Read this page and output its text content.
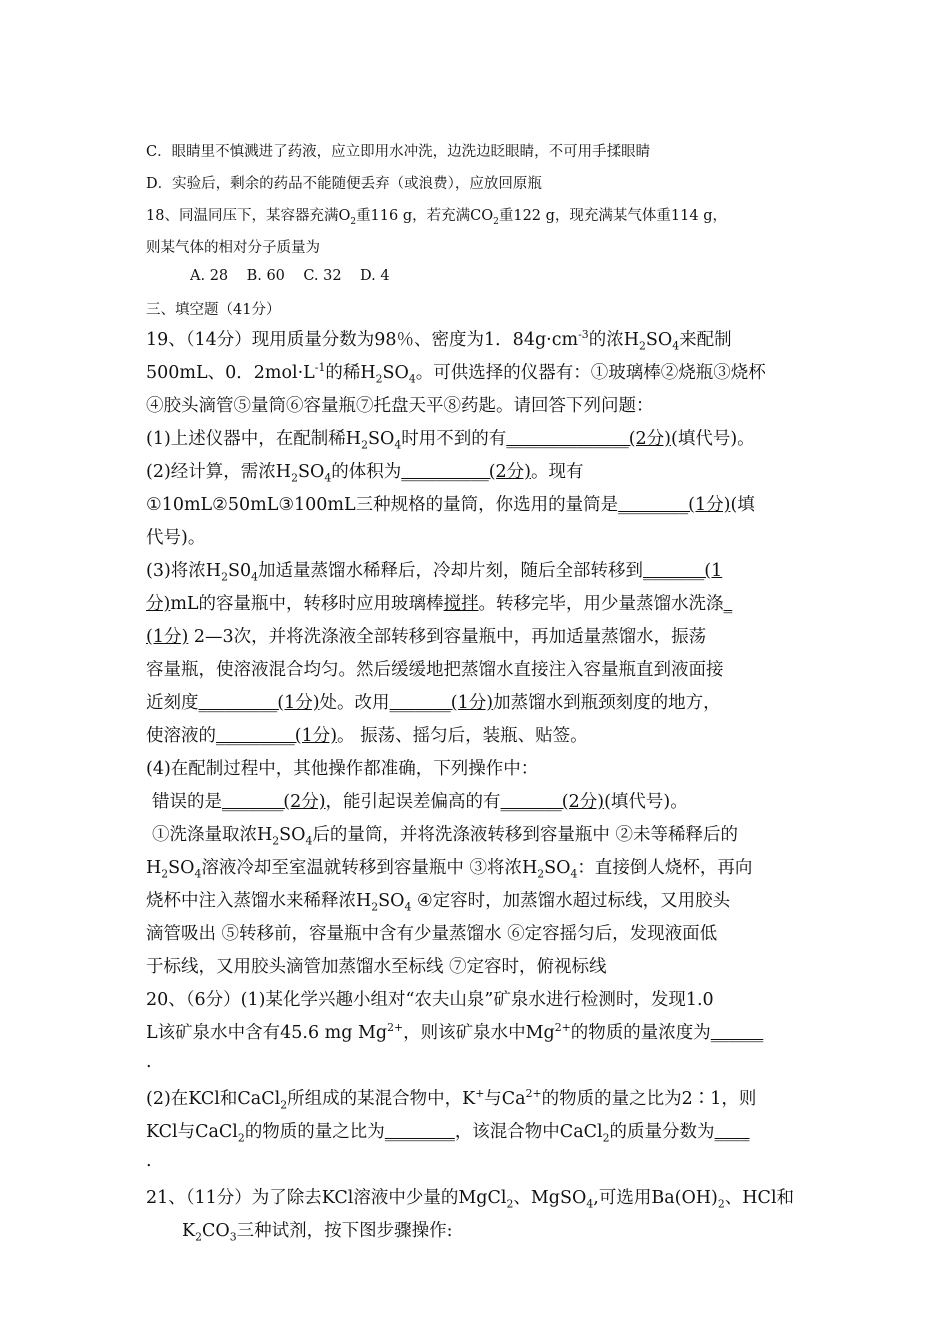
C．眼睛里不慎溅进了药液，应立即用水冲洗，边洗边眨眼睛，不可用手揉眼睛
D．实验后，剩余的药品不能随便丢弃（或浪费），应放回原瓶
18、同温同压下，某容器充满$O_2$重116 g，若充满$CO_2$重122 g，现充满某气体重114 g，
则某气体的相对分子质量为
A. 28    B. 60    C. 32    D. 4
三、填空题（41分）
19、（14分）现用质量分数为98％、密度为1．$84g\cdot cm^{-3}$的浓$H_2SO_4$来配制
500mL、0．$2mol\cdot L^{-1}$的稀$H_2SO_4$。可供选择的仪器有：①玻璃棒②烧瓶③烧杯
④胶头滴管⑤量筒⑥容量瓶⑦托盘天平⑧药匙。请回答下列问题：
(1)上述仪器中，在配制稀$H_2SO_4$时用不到的有______________(2分)(填代号)。
(2)经计算，需浓$H_2SO_4$的体积为__________(2分)。现有
①10mL②50mL③100mL三种规格的量筒，你选用的量筒是________(1分)(填
代号)。
(3)将浓$H_2S0_4$加适量蒸馏水稀释后，冷却片刻，随后全部转移到_______(1
分)mL的容量瓶中，转移时应用玻璃棒搅拌。转移完毕，用少量蒸馏水洗涤_
(1分) 2—3次，并将洗涤液全部转移到容量瓶中，再加适量蒸馏水，振荡
容量瓶，使溶液混合均匀。然后缓缓地把蒸馏水直接注入容量瓶直到液面接
近刻度_________(1分)处。改用_______(1分)加蒸馏水到瓶颈刻度的地方，
使溶液的_________(1分)。 振荡、摇匀后，装瓶、贴签。
(4)在配制过程中，其他操作都准确，下列操作中：
错误的是_______(2分)，能引起误差偏高的有_______(2分)(填代号)。
①洗涤量取浓$H_2SO_4$后的量筒，并将洗涤液转移到容量瓶中 ②未等稀释后的
$H_2SO_4$溶液冷却至室温就转移到容量瓶中 ③将浓$H_2SO_4$：直接倒人烧杯，再向
烧杯中注入蒸馏水来稀释浓$H_2SO_4$ ④定容时，加蒸馏水超过标线，又用胶头
滴管吸出 ⑤转移前，容量瓶中含有少量蒸馏水 ⑥定容摇匀后，发现液面低
于标线，又用胶头滴管加蒸馏水至标线 ⑦定容时，俯视标线
20、（6分）(1)某化学兴趣小组对“农夫山泉”矿泉水进行检测时，发现1.0
L该矿泉水中含有45.6 mg $Mg^{2+}$，则该矿泉水中$Mg^{2+}$的物质的量浓度为______
.
(2)在KCl和CaCl$_2$所组成的某混合物中，K+与$Ca^{2+}$的物质的量之比为2∶1，则
KCl与CaCl$_2$的物质的量之比为________，该混合物中CaCl$_2$的质量分数为____
.
21、（11分）为了除去KCl溶液中少量的MgCl$_2$、MgSO$_4$,可选用$Ba(OH)_2$、HCl和
$K_2CO_3$三种试剂，按下图步骤操作:
